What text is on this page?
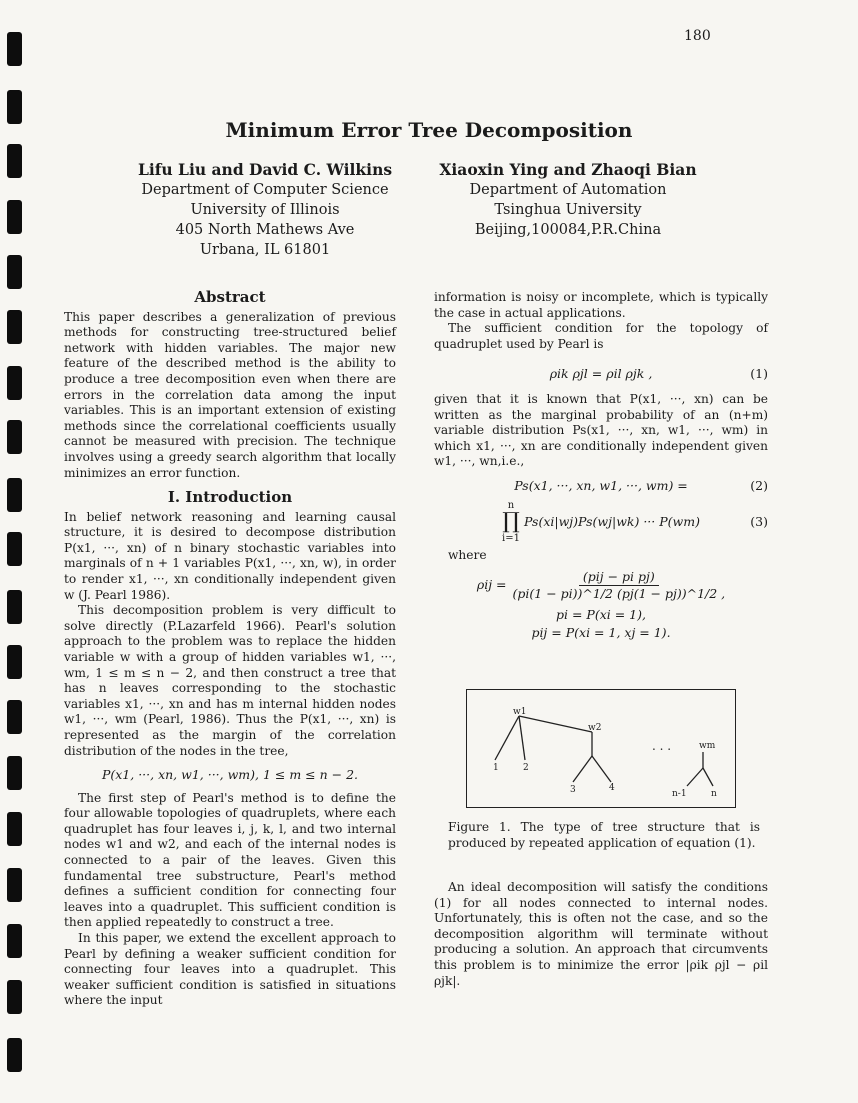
180
Minimum Error Tree Decomposition
Lifu Liu and David C. Wilkins
Department of Computer Science
University of Illinois
405 North Mathews Ave
Urbana, IL 61801
Xiaoxin Ying and Zhaoqi Bian
Department of Automation
Tsinghua University
Beijing,100084,P.R.China
Abstract

This paper describes a generalization of previous methods for constructing tree-structured belief network with hidden variables. The major new feature of the described method is the ability to produce a tree decomposition even when there are errors in the correlation data among the input variables. This is an important extension of existing methods since the correlational coefficients usually cannot be measured with precision. The technique involves using a greedy search algorithm that locally minimizes an error function.

I. Introduction

In belief network reasoning and learning causal structure, it is desired to decompose distribution P(x1, ···, xn) of n binary stochastic variables into marginals of n + 1 variables P(x1, ···, xn, w), in order to render x1, ···, xn conditionally independent given w (J. Pearl 1986).

This decomposition problem is very difficult to solve directly (P.Lazarfeld 1966). Pearl's solution approach to the problem was to replace the hidden variable w with a group of hidden variables w1, ···, wm, 1 ≤ m ≤ n − 2, and then construct a tree that has n leaves corresponding to the stochastic variables x1, ···, xn and has m internal hidden nodes w1, ···, wm (Pearl, 1986). Thus the P(x1, ···, xn) is represented as the margin of the correlation distribution of the nodes in the tree,

P(x1, ···, xn, w1, ···, wm), 1 ≤ m ≤ n − 2.

The first step of Pearl's method is to define the four allowable topologies of quadruplets, where each quadruplet has four leaves i, j, k, l, and two internal nodes w1 and w2, and each of the internal nodes is connected to a pair of the leaves. Given this fundamental tree substructure, Pearl's method defines a sufficient condition for connecting four leaves into a quadruplet. This sufficient condition is then applied repeatedly to construct a tree.

In this paper, we extend the excellent approach to Pearl by defining a weaker sufficient condition for connecting four leaves into a quadruplet. This weaker sufficient condition is satisfied in situations where the input

information is noisy or incomplete, which is typically the case in actual applications.

The sufficient condition for the topology of quadruplet used by Pearl is

ρik ρjl = ρil ρjk ,	(1)

given that it is known that P(x1, ···, xn) can be written as the marginal probability of an (n+m) variable distribution Ps(x1, ···, xn, w1, ···, wm) in which x1, ···, xn are conditionally independent given w1, ···, wn,i.e.,

Ps(x1, ···, xn, w1, ···, wm) =	(2)
n
∏
i=1
Ps(xi|wj)Ps(wj|wk) ··· P(wm)	(3)

where

ρij =
(pij − pi pj)
(pi(1 − pi))^1/2 (pj(1 − pj))^1/2 ,
pi = P(xi = 1),
pij = P(xi = 1, xj = 1).
w1
w2
wm
1	2
3	4
n-1	n
. . .
Figure 1. The type of tree structure that is produced by repeated application of equation (1).

An ideal decomposition will satisfy the conditions (1) for all nodes connected to internal nodes. Unfortunately, this is often not the case, and so the decomposition algorithm will terminate without producing a solution. An approach that circumvents this problem is to minimize the error |ρik ρjl − ρil ρjk|.
